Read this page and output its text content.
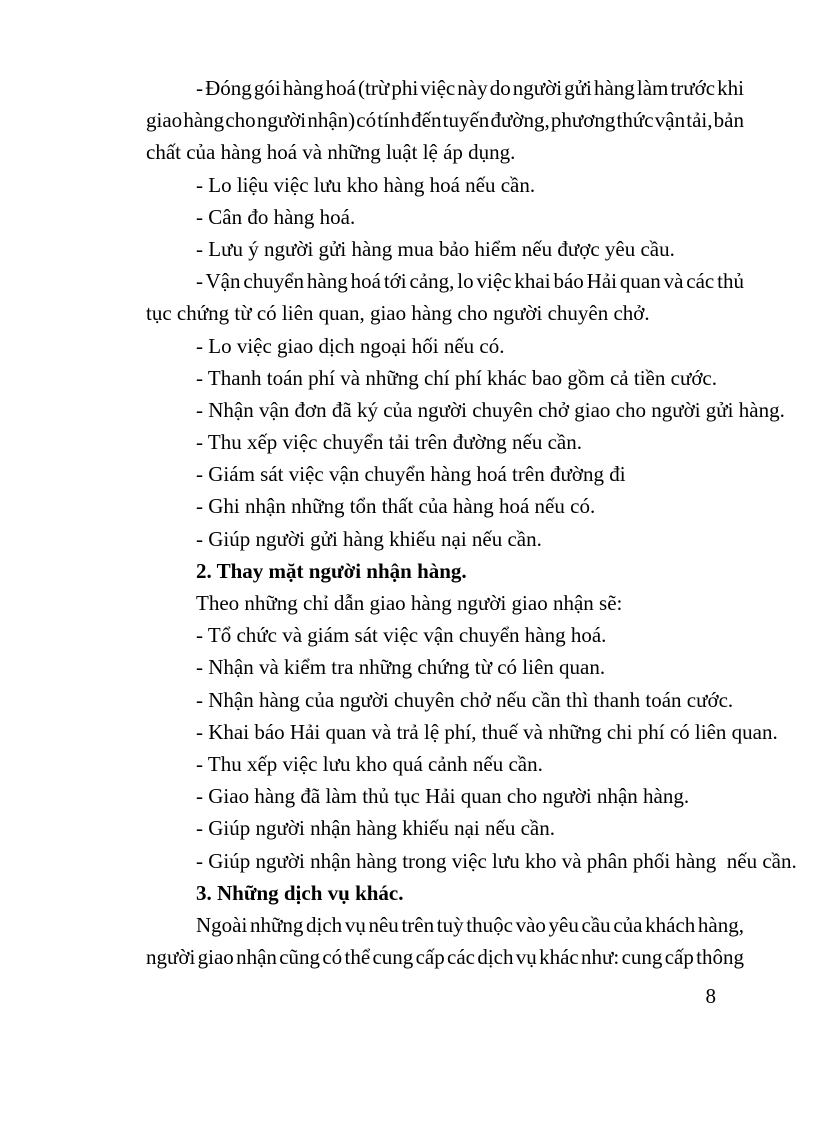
- Đóng gói hàng hoá (trừ phi việc này do người gửi hàng làm trước khi
giao hàng cho người nhận) có tính đến tuyến đường, phương thức vận tải, bản
chất của hàng hoá và những luật lệ áp dụng.
- Lo liệu việc lưu kho hàng hoá nếu cần.
- Cân đo hàng hoá.
- Lưu ý người gửi hàng mua bảo hiểm nếu được yêu cầu.
- Vận chuyển hàng hoá tới cảng, lo việc khai báo Hải quan và các thủ
tục chứng từ có liên quan, giao hàng cho người chuyên chở.
- Lo việc giao dịch ngoại hối nếu có.
- Thanh toán phí và những chí phí khác bao gồm cả tiền cước.
- Nhận vận đơn đã ký của người chuyên chở giao cho người gửi hàng.
- Thu xếp việc chuyển tải trên đường nếu cần.
- Giám sát việc vận chuyển hàng hoá trên đường đi
- Ghi nhận những tổn thất của hàng hoá nếu có.
- Giúp người gửi hàng khiếu nại nếu cần.
2. Thay mặt người nhận hàng.
Theo những chỉ dẫn giao hàng người giao nhận sẽ:
- Tổ chức và giám sát việc vận chuyển hàng hoá.
- Nhận và kiểm tra những chứng từ có liên quan.
- Nhận hàng của người chuyên chở nếu cần thì thanh toán cước.
- Khai báo Hải quan và trả lệ phí, thuế và những chi phí có liên quan.
- Thu xếp việc lưu kho quá cảnh nếu cần.
- Giao hàng đã làm thủ tục Hải quan cho người nhận hàng.
- Giúp người nhận hàng khiếu nại nếu cần.
- Giúp người nhận hàng trong việc lưu kho và phân phối hàng  nếu cần.
3. Những dịch vụ khác.
Ngoài những dịch vụ nêu trên tuỳ thuộc vào yêu cầu của khách hàng,
người giao nhận cũng có thể cung cấp các dịch vụ khác như: cung cấp thông
8
